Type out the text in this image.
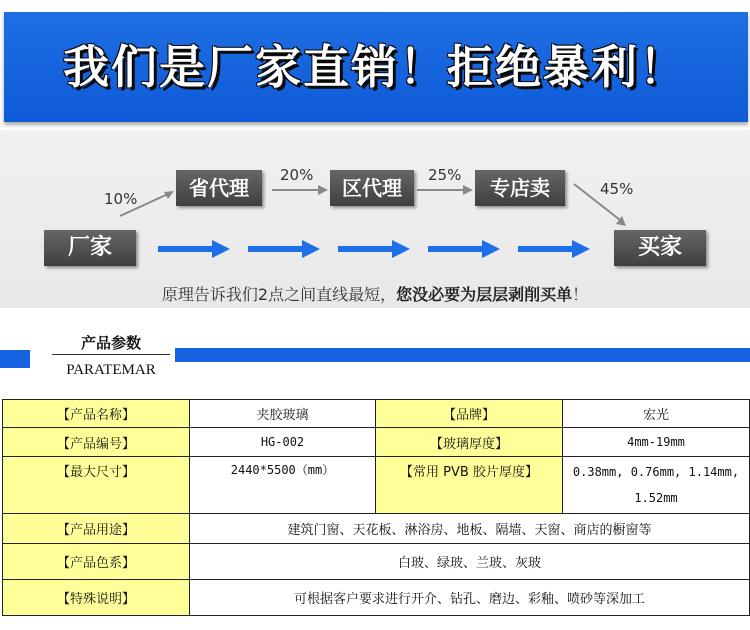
我们是厂家直销！拒绝暴利！
10%
20%	25%
45%
省代理	区代理	专店卖
厂家	买家
原理告诉我们2点之间直线最短，您没必要为层层剥削买单！
产品参数
PARATEMAR
【产品名称】	夹胶玻璃	【品牌】	宏光
【产品编号】	HG-002	【玻璃厚度】	4mm-19mm
【最大尺寸】	2440*5500（mm）	【常用 PVB 胶片厚度】	0.38mm, 0.76mm, 1.14mm,
1.52mm

【产品用途】	建筑门窗、天花板、淋浴房、地板、隔墙、天窗、商店的橱窗等		
【产品色系】	白玻、绿玻、兰玻、灰玻		
【特殊说明】	可根据客户要求进行开介、钻孔、磨边、彩釉、喷砂等深加工		
